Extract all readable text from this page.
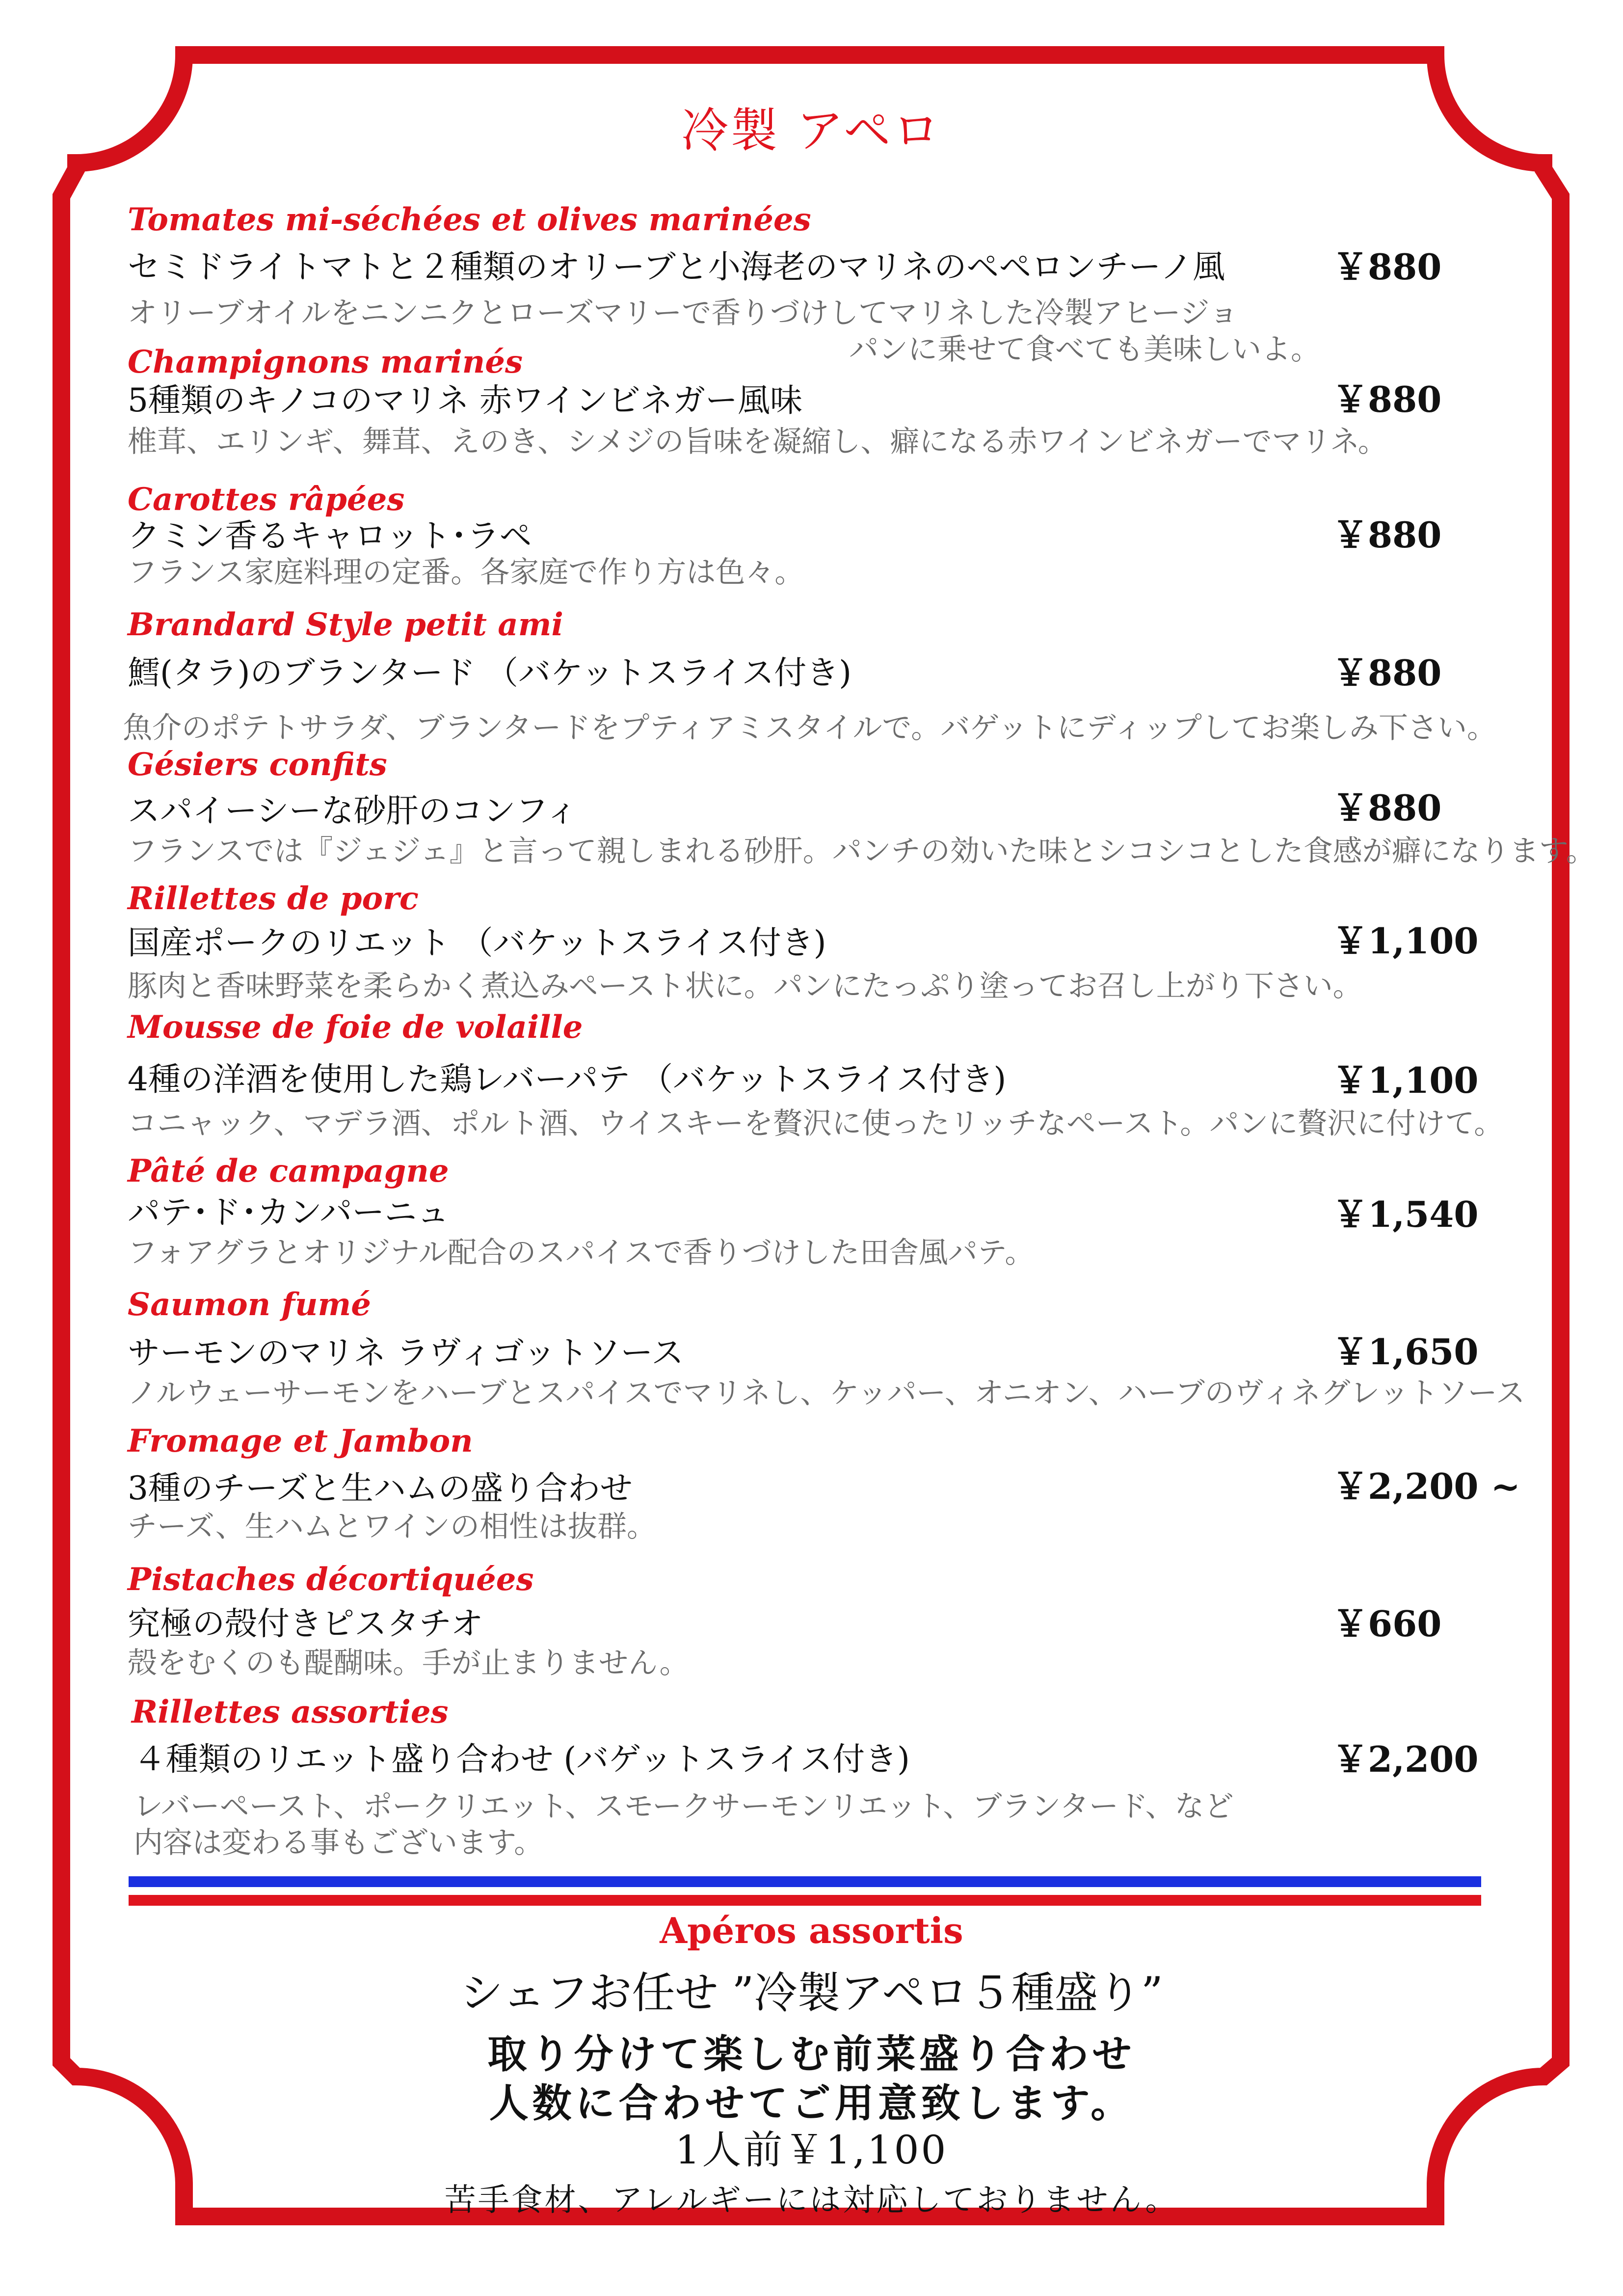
冷製 アペロ
Tomates mi-séchées et olives marinées
セミドライトマトと２種類のオリーブと小海老のマリネのペペロンチーノ風	￥880
オリーブオイルをニンニクとローズマリーで香りづけしてマリネした冷製アヒージョ
パンに乗せて食べても美味しいよ。
Champignons marinés
5種類のキノコのマリネ 赤ワインビネガー風味	￥880
椎茸、エリンギ、舞茸、えのき、シメジの旨味を凝縮し、癖になる赤ワインビネガーでマリネ。
Carottes râpées
クミン香るキャロット･ラペ	￥880
フランス家庭料理の定番。各家庭で作り方は色々。
Brandard Style petit ami
鱈(タラ)のブランタード （バケットスライス付き)	￥880
魚介のポテトサラダ、ブランタードをプティアミスタイルで。バゲットにディップしてお楽しみ下さい。
Gésiers confits
スパイーシーな砂肝のコンフィ	￥880
フランスでは『ジェジェ』と言って親しまれる砂肝。パンチの効いた味とシコシコとした食感が癖になります。
Rillettes de porc
国産ポークのリエット （バケットスライス付き)	￥1,100
豚肉と香味野菜を柔らかく煮込みペースト状に。パンにたっぷり塗ってお召し上がり下さい。
Mousse de foie de volaille
4種の洋酒を使用した鶏レバーパテ （バケットスライス付き)	￥1,100
コニャック、マデラ酒、ポルト酒、ウイスキーを贅沢に使ったリッチなペースト。パンに贅沢に付けて。
Pâté de campagne
パテ･ド･カンパーニュ	￥1,540
フォアグラとオリジナル配合のスパイスで香りづけした田舎風パテ。
Saumon fumé
サーモンのマリネ ラヴィゴットソース	￥1,650
ノルウェーサーモンをハーブとスパイスでマリネし、ケッパー、オニオン、ハーブのヴィネグレットソース
Fromage et Jambon
3種のチーズと生ハムの盛り合わせ	￥2,200 ~
チーズ、生ハムとワインの相性は抜群。
Pistaches décortiquées
究極の殻付きピスタチオ	￥660
殻をむくのも醍醐味。手が止まりません。
Rillettes assorties
４種類のリエット盛り合わせ (バゲットスライス付き)	￥2,200
レバーペースト、ポークリエット、スモークサーモンリエット、ブランタード、など
内容は変わる事もございます。
Apéros assortis
シェフお任せ ”冷製アペロ５種盛り”
取り分けて楽しむ前菜盛り合わせ
人数に合わせてご用意致します。
1人前￥1,100
苦手食材、アレルギーには対応しておりません。
